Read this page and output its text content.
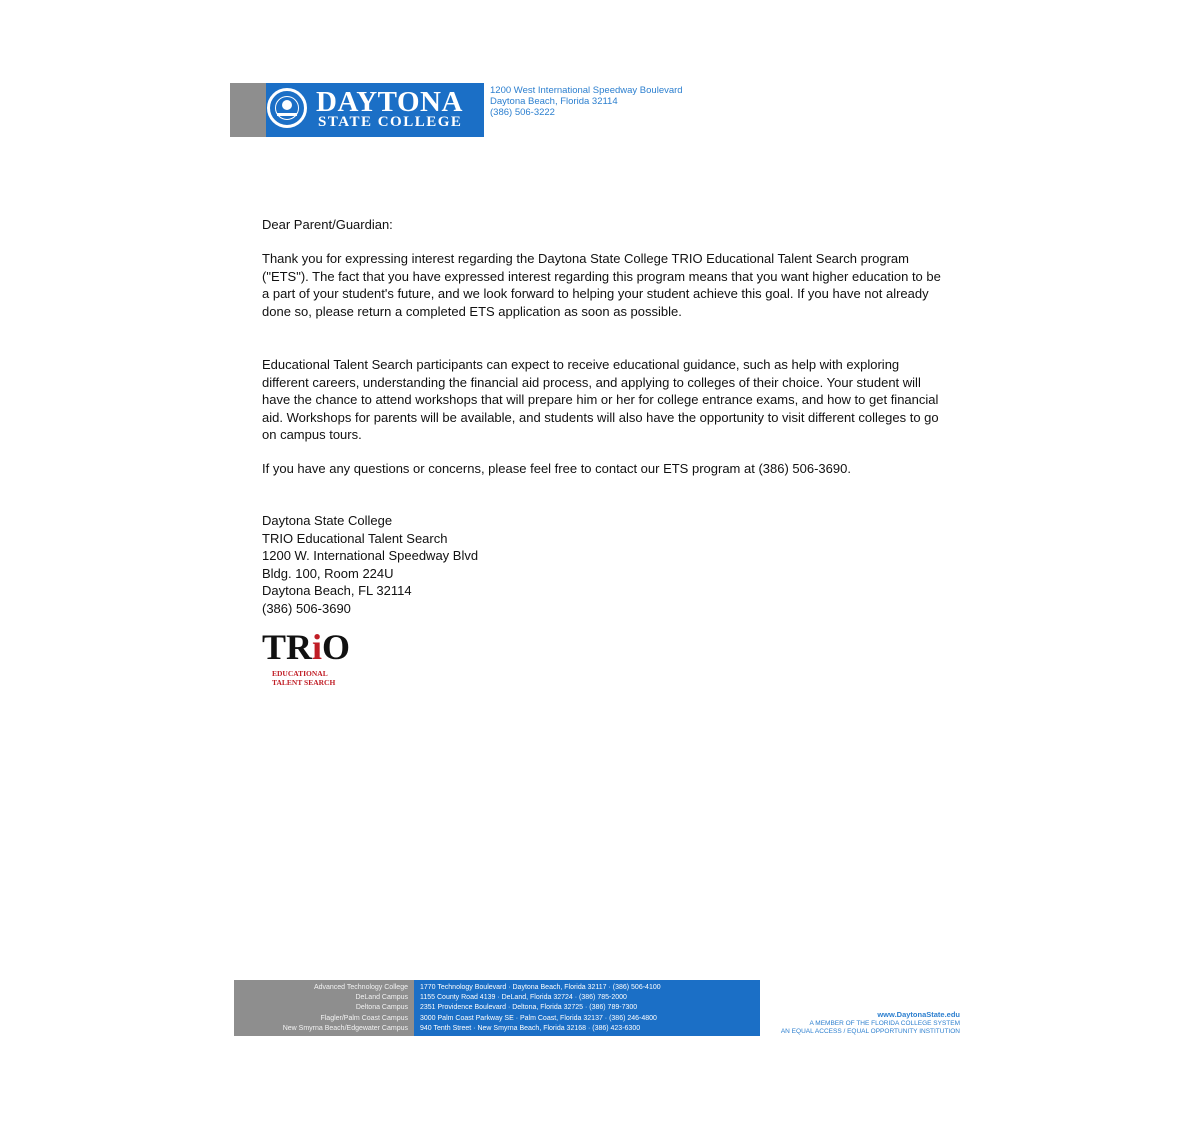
DAYTONA
STATE COLLEGE
1200 West International Speedway Boulevard
Daytona Beach, Florida 32114
(386) 506-3222
Dear Parent/Guardian:

Thank you for expressing interest regarding the Daytona State College TRIO Educational Talent Search program ("ETS"). The fact that you have expressed interest regarding this program means that you want higher education to be a part of your student's future, and we look forward to helping your student achieve this goal. If you have not already done so, please return a completed ETS application as soon as possible.

Educational Talent Search participants can expect to receive educational guidance, such as help with exploring different careers, understanding the financial aid process, and applying to colleges of their choice. Your student will have the chance to attend workshops that will prepare him or her for college entrance exams, and how to get financial aid. Workshops for parents will be available, and students will also have the opportunity to visit different colleges to go on campus tours.

If you have any questions or concerns, please feel free to contact our ETS program at (386) 506-3690.

Daytona State College
TRIO Educational Talent Search
1200 W. International Speedway Blvd
Bldg. 100, Room 224U
Daytona Beach, FL 32114
(386) 506-3690
TRiO
EDUCATIONAL
TALENT SEARCH
Advanced Technology College
DeLand Campus
Deltona Campus
Flagler/Palm Coast Campus
New Smyrna Beach/Edgewater Campus
1770 Technology Boulevard · Daytona Beach, Florida 32117 · (386) 506-4100
1155 County Road 4139 · DeLand, Florida 32724 · (386) 785-2000
2351 Providence Boulevard · Deltona, Florida 32725 · (386) 789-7300
3000 Palm Coast Parkway SE · Palm Coast, Florida 32137 · (386) 246-4800
940 Tenth Street · New Smyrna Beach, Florida 32168 · (386) 423-6300
www.DaytonaState.edu
A MEMBER OF THE FLORIDA COLLEGE SYSTEM
AN EQUAL ACCESS / EQUAL OPPORTUNITY INSTITUTION
